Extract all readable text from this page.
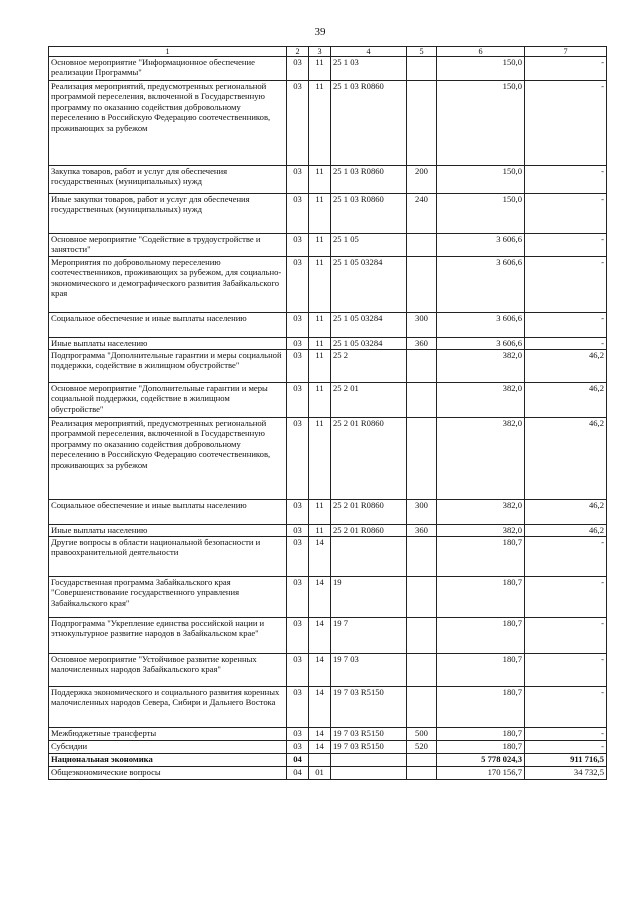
39
1	2	3	4	5	6	7
Основное мероприятие "Информационное обеспечение реализации Программы"	03	11	25 1 03		150,0	-
Реализация мероприятий, предусмотренных региональной программой переселения, включенной в Государственную программу по оказанию содействия добровольному переселению в Российскую Федерацию соотечественников, проживающих за рубежом	03	11	25 1 03 R0860		150,0	-
Закупка товаров, работ и услуг для обеспечения государственных (муниципальных) нужд	03	11	25 1 03 R0860	200	150,0	-
Иные закупки товаров, работ и услуг для обеспечения государственных (муниципальных) нужд	03	11	25 1 03 R0860	240	150,0	-
Основное мероприятие "Содействие в трудоустройстве и занятости"	03	11	25 1 05		3 606,6	-
Мероприятия по добровольному переселению соотечественников, проживающих за рубежом, для социально-экономического и демографического развития Забайкальского края	03	11	25 1 05 03284		3 606,6	-
Социальное обеспечение и иные выплаты населению	03	11	25 1 05 03284	300	3 606,6	-
Иные выплаты населению	03	11	25 1 05 03284	360	3 606,6	-
Подпрограмма "Дополнительные гарантии и меры социальной поддержки, содействие в жилищном обустройстве"	03	11	25 2		382,0	46,2
Основное мероприятие "Дополнительные гарантии и меры социальной поддержки, содействие в жилищном обустройстве"	03	11	25 2 01		382,0	46,2
Реализация мероприятий, предусмотренных региональной программой переселения, включенной в Государственную программу по оказанию содействия добровольному переселению в Российскую Федерацию соотечественников, проживающих за рубежом	03	11	25 2 01 R0860		382,0	46,2
Социальное обеспечение и иные выплаты населению	03	11	25 2 01 R0860	300	382,0	46,2
Иные выплаты населению	03	11	25 2 01 R0860	360	382,0	46,2
Другие вопросы в области национальной безопасности и правоохранительной деятельности	03	14			180,7	-
Государственная программа Забайкальского края "Совершенствование государственного управления Забайкальского края"	03	14	19		180,7	-
Подпрограмма "Укрепление единства российской нации и этнокультурное развитие народов в Забайкальском крае"	03	14	19 7		180,7	-
Основное мероприятие "Устойчивое развитие коренных малочисленных народов Забайкальского края"	03	14	19 7 03		180,7	-
Поддержка экономического и социального развития коренных малочисленных народов Севера, Сибири и Дальнего Востока	03	14	19 7 03 R5150		180,7	-
Межбюджетные трансферты	03	14	19 7 03 R5150	500	180,7	-
Субсидии	03	14	19 7 03 R5150	520	180,7	-
Национальная экономика	04				5 778 024,3	911 716,5
Общеэкономические вопросы	04	01			170 156,7	34 732,5
